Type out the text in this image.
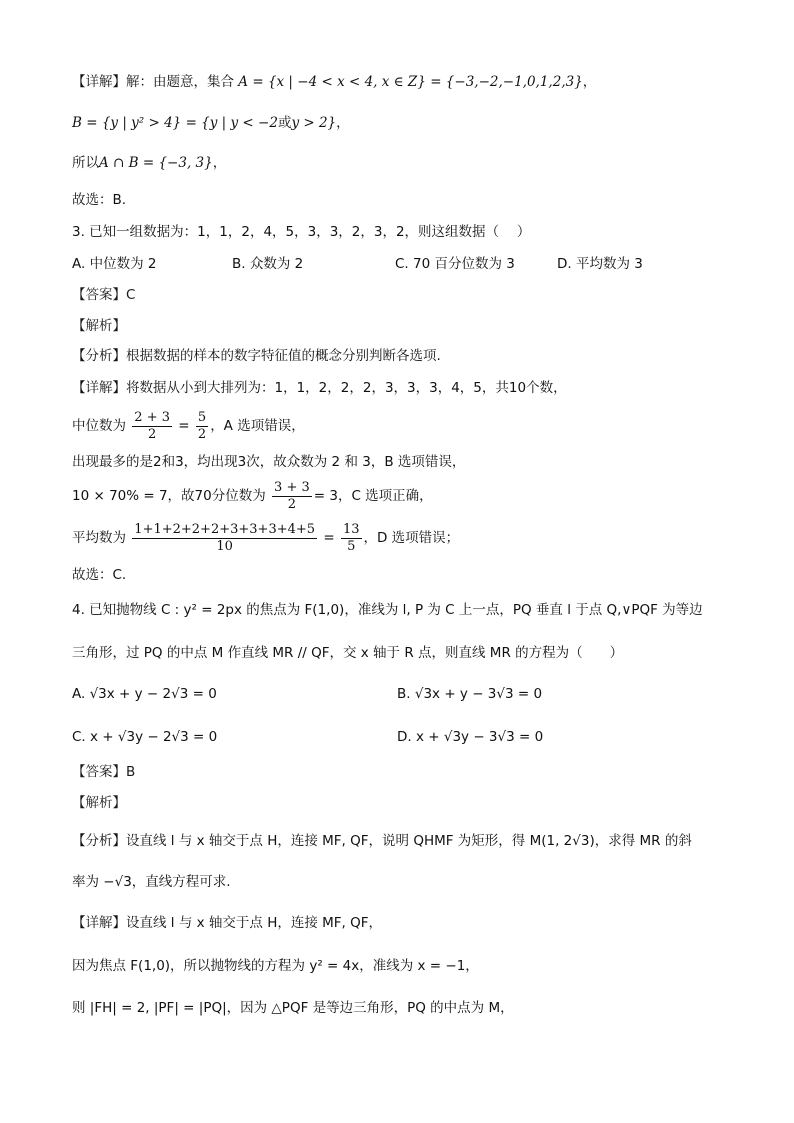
【详解】解：由题意，集合 A = {x | −4 < x < 4, x ∈ Z} = {−3,−2,−1,0,1,2,3}，
B = {y | y² > 4} = {y | y < −2或y > 2}，
所以A ∩ B = {−3, 3}，
故选：B.
3. 已知一组数据为：1，1，2，4，5，3，3，2，3，2，则这组数据（　 ）
A. 中位数为 2	B. 众数为 2	C. 70 百分位数为 3	D. 平均数为 3
【答案】C
【解析】
【分析】根据数据的样本的数字特征值的概念分别判断各选项.
【详解】将数据从小到大排列为：1，1，2，2，2，3，3，3，4，5，共10个数，
中位数为 $\frac{2 + 3}{2} = \frac{5}{2}$ ，A 选项错误，
出现最多的是2和3，均出现3次，故众数为 2 和 3，B 选项错误，
10 × 70% = 7，故70分位数为 $\frac{3 + 3}{2} = 3$，C 选项正确，
平均数为 $\frac{1+1+2+2+2+3+3+3+4+5}{10} = \frac{13}{5}$ ，D 选项错误；
故选：C.
4. 已知抛物线 C : y² = 2px 的焦点为 F(1,0)，准线为 l, P 为 C 上一点，PQ 垂直 l 于点 Q,∨PQF 为等边
三角形，过 PQ 的中点 M 作直线 MR // QF，交 x 轴于 R 点，则直线 MR 的方程为（　　）
A. √3x + y − 2√3 = 0	B. √3x + y − 3√3 = 0
C. x + √3y − 2√3 = 0	D. x + √3y − 3√3 = 0
【答案】B
【解析】
【分析】设直线 l 与 x 轴交于点 H，连接 MF, QF，说明 QHMF 为矩形，得 M(1, 2√3)，求得 MR 的斜
率为 −√3，直线方程可求.
【详解】设直线 l 与 x 轴交于点 H，连接 MF, QF，
因为焦点 F(1,0)，所以抛物线的方程为 y² = 4x，准线为 x = −1，
则 |FH| = 2, |PF| = |PQ|，因为 △PQF 是等边三角形，PQ 的中点为 M，
